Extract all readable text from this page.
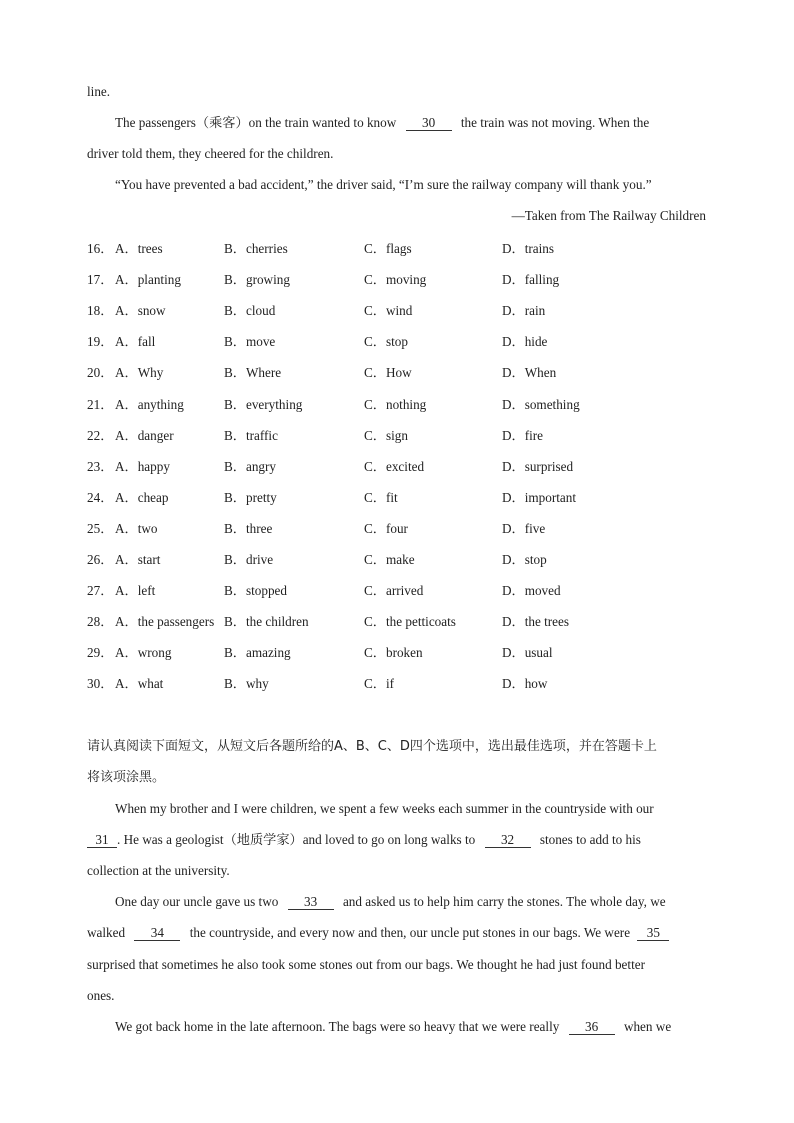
line.
The passengers（乘客）on the train wanted to know 30 the train was not moving. When the
driver told them, they cheered for the children.
“You have prevented a bad accident,” the driver said, “I’m sure the railway company will thank you.”
—Taken from The Railway Children
16． A．trees	B．cherries	C．flags	D．trains
17． A．planting	B．growing	C．moving	D．falling
18． A．snow	B．cloud	C．wind	D．rain
19． A．fall	B．move	C．stop	D．hide
20． A．Why	B．Where	C．How	D．When
21． A．anything	B．everything	C．nothing	D．something
22． A．danger	B．traffic	C．sign	D．fire
23． A．happy	B．angry	C．excited	D．surprised
24． A．cheap	B．pretty	C．fit	D．important
25． A．two	B．three	C．four	D．five
26． A．start	B．drive	C．make	D．stop
27． A．left	B．stopped	C．arrived	D．moved
28． A．the passengers B．the children	C．the petticoats	D．the trees
29． A．wrong	B．amazing	C．broken	D．usual
30． A．what	B．why	C．if	D．how
请认真阅读下面短文，从短文后各题所给的A、B、C、D四个选项中，选出最佳选项，并在答题卡上
将该项涂黑。
When my brother and I were children, we spent a few weeks each summer in the countryside with our
31 . He was a geologist（地质学家）and loved to go on long walks to 32 stones to add to his
collection at the university.
One day our uncle gave us two 33 and asked us to help him carry the stones. The whole day, we
walked 34 the countryside, and every now and then, our uncle put stones in our bags. We were 35
surprised that sometimes he also took some stones out from our bags. We thought he had just found better
ones.
We got back home in the late afternoon. The bags were so heavy that we were really 36 when we
